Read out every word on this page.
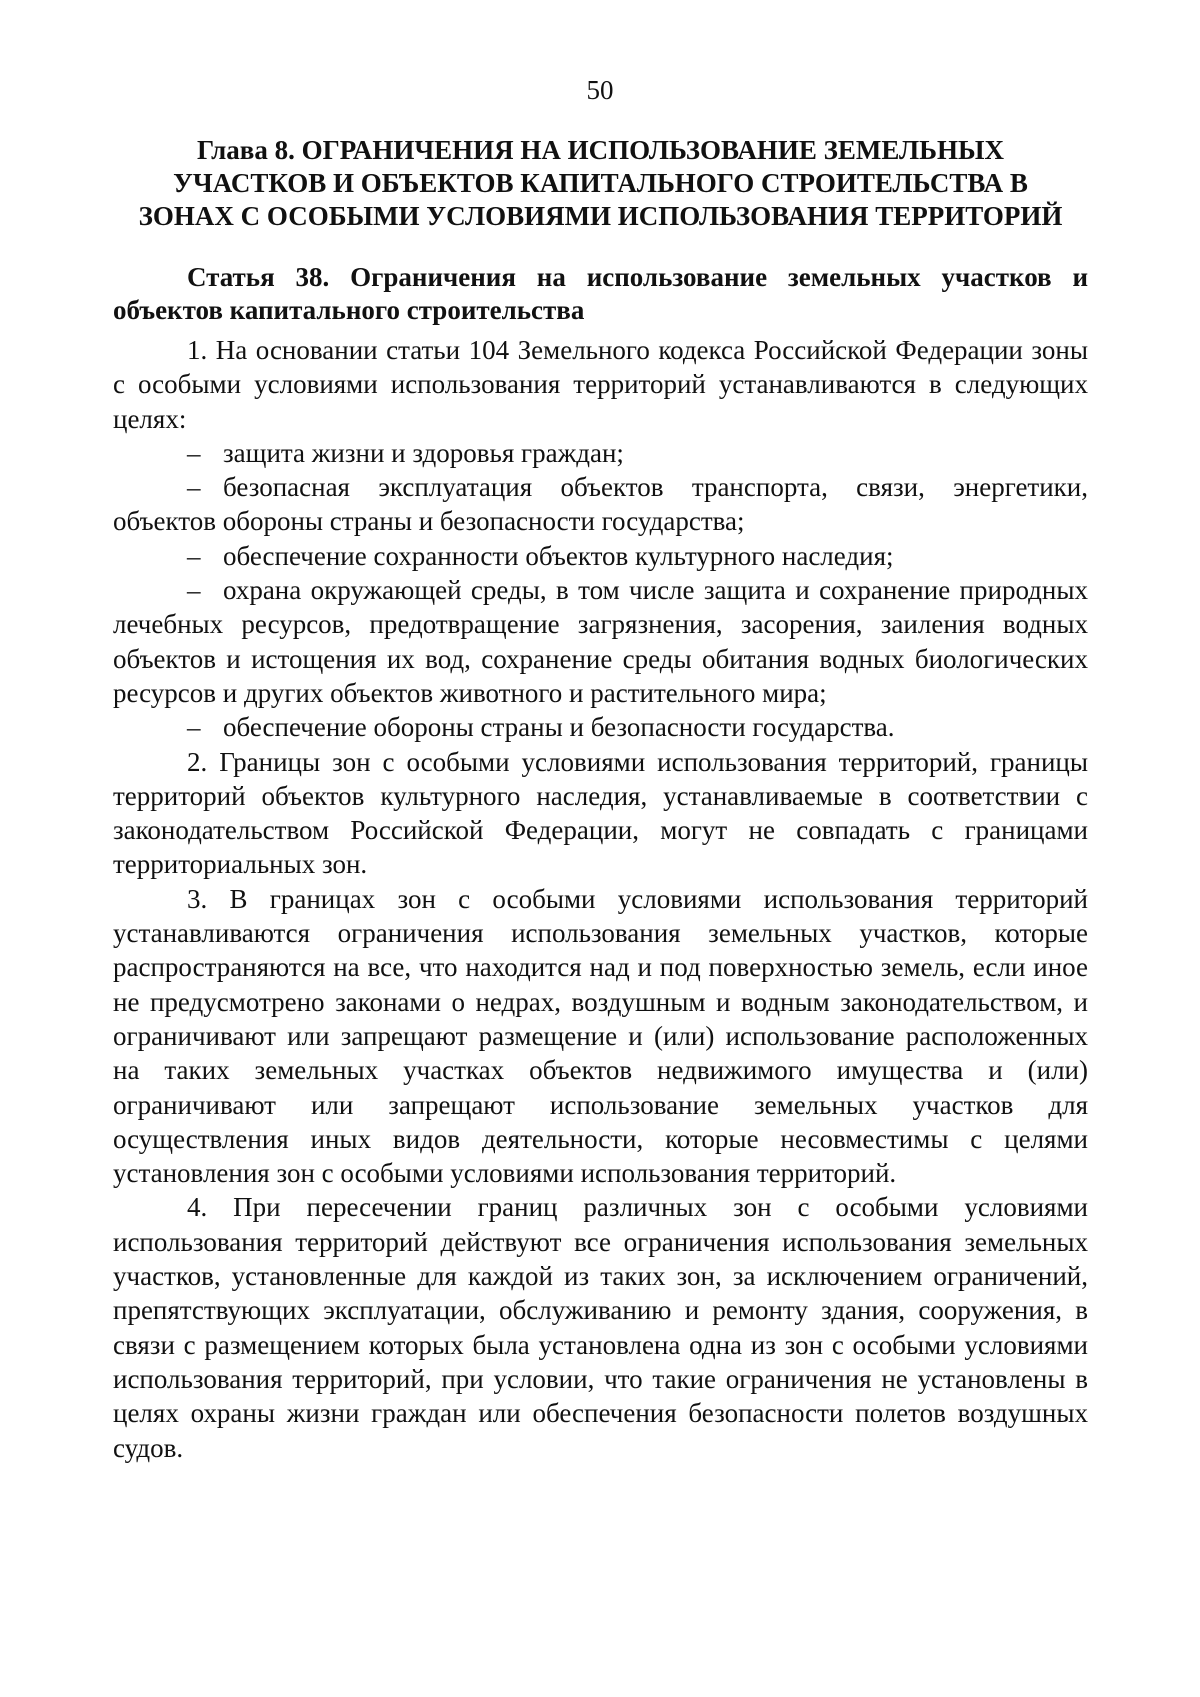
50
Глава 8. ОГРАНИЧЕНИЯ НА ИСПОЛЬЗОВАНИЕ ЗЕМЕЛЬНЫХ
УЧАСТКОВ И ОБЪЕКТОВ КАПИТАЛЬНОГО СТРОИТЕЛЬСТВА В
ЗОНАХ С ОСОБЫМИ УСЛОВИЯМИ ИСПОЛЬЗОВАНИЯ ТЕРРИТОРИЙ
Статья 38. Ограничения на использование земельных участков и объектов капитального строительства

1. На основании статьи 104 Земельного кодекса Российской Федерации зоны с особыми условиями использования территорий устанавливаются в следующих целях:

– защита жизни и здоровья граждан;

– безопасная эксплуатация объектов транспорта, связи, энергетики, объектов обороны страны и безопасности государства;

– обеспечение сохранности объектов культурного наследия;

– охрана окружающей среды, в том числе защита и сохранение природных лечебных ресурсов, предотвращение загрязнения, засорения, заиления водных объектов и истощения их вод, сохранение среды обитания водных биологических ресурсов и других объектов животного и растительного мира;

– обеспечение обороны страны и безопасности государства.

2. Границы зон с особыми условиями использования территорий, границы территорий объектов культурного наследия, устанавливаемые в соответствии с законодательством Российской Федерации, могут не совпадать с границами территориальных зон.

3. В границах зон с особыми условиями использования территорий устанавливаются ограничения использования земельных участков, которые распространяются на все, что находится над и под поверхностью земель, если иное не предусмотрено законами о недрах, воздушным и водным законодательством, и ограничивают или запрещают размещение и (или) использование расположенных на таких земельных участках объектов недвижимого имущества и (или) ограничивают или запрещают использование земельных участков для осуществления иных видов деятельности, которые несовместимы с целями установления зон с особыми условиями использования территорий.

4. При пересечении границ различных зон с особыми условиями использования территорий действуют все ограничения использования земельных участков, установленные для каждой из таких зон, за исключением ограничений, препятствующих эксплуатации, обслуживанию и ремонту здания, сооружения, в связи с размещением которых была установлена одна из зон с особыми условиями использования территорий, при условии, что такие ограничения не установлены в целях охраны жизни граждан или обеспечения безопасности полетов воздушных судов.
